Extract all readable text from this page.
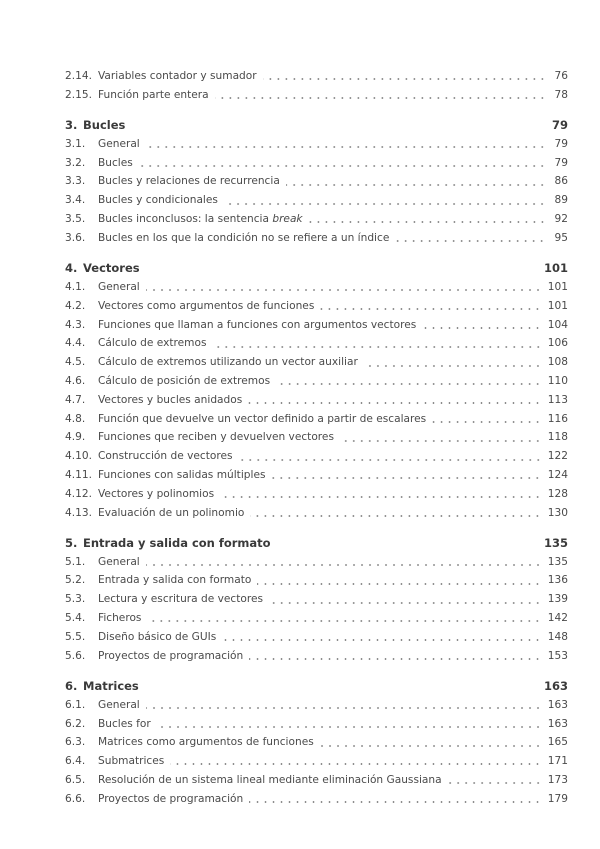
2.14. Variables contador y sumador	76
2.15. Función parte entera	78
3. Bucles	79
3.1.	General	79
3.2.	Bucles	79
3.3.	Bucles y relaciones de recurrencia	86
3.4.	Bucles y condicionales	89
3.5.	Bucles inconclusos: la sentencia break	92
3.6.	Bucles en los que la condición no se refiere a un índice	95
4. Vectores	101
4.1.	General	101
4.2.	Vectores como argumentos de funciones	101
4.3.	Funciones que llaman a funciones con argumentos vectores	104
4.4.	Cálculo de extremos	106
4.5.	Cálculo de extremos utilizando un vector auxiliar	108
4.6.	Cálculo de posición de extremos	110
4.7.	Vectores y bucles anidados	113
4.8.	Función que devuelve un vector definido a partir de escalares	116
4.9.	Funciones que reciben y devuelven vectores	118
4.10. Construcción de vectores	122
4.11. Funciones con salidas múltiples	124
4.12. Vectores y polinomios	128
4.13. Evaluación de un polinomio	130
5. Entrada y salida con formato	135
5.1.	General	135
5.2.	Entrada y salida con formato	136
5.3.	Lectura y escritura de vectores	139
5.4.	Ficheros	142
5.5.	Diseño básico de GUIs	148
5.6.	Proyectos de programación	153
6. Matrices	163
6.1.	General	163
6.2.	Bucles for	163
6.3.	Matrices como argumentos de funciones	165
6.4.	Submatrices	171
6.5.	Resolución de un sistema lineal mediante eliminación Gaussiana	173
6.6.	Proyectos de programación	179
